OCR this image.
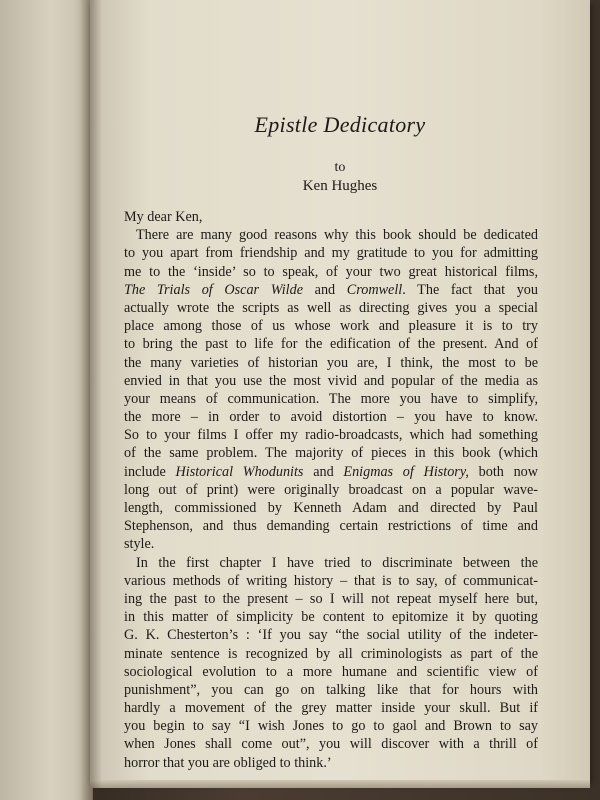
Epistle Dedicatory
to
Ken Hughes
My dear Ken,
There are many good reasons why this book should be dedicated
to you apart from friendship and my gratitude to you for admitting
me to the ‘inside’ so to speak, of your two great historical films,
The Trials of Oscar Wilde and Cromwell. The fact that you
actually wrote the scripts as well as directing gives you a special
place among those of us whose work and pleasure it is to try
to bring the past to life for the edification of the present. And of
the many varieties of historian you are, I think, the most to be
envied in that you use the most vivid and popular of the media as
your means of communication. The more you have to simplify,
the more – in order to avoid distortion – you have to know.
So to your films I offer my radio-broadcasts, which had something
of the same problem. The majority of pieces in this book (which
include Historical Whodunits and Enigmas of History, both now
long out of print) were originally broadcast on a popular wave-
length, commissioned by Kenneth Adam and directed by Paul
Stephenson, and thus demanding certain restrictions of time and
style.
In the first chapter I have tried to discriminate between the
various methods of writing history – that is to say, of communicat-
ing the past to the present – so I will not repeat myself here but,
in this matter of simplicity be content to epitomize it by quoting
G. K. Chesterton’s : ‘If you say “the social utility of the indeter-
minate sentence is recognized by all criminologists as part of the
sociological evolution to a more humane and scientific view of
punishment”, you can go on talking like that for hours with
hardly a movement of the grey matter inside your skull. But if
you begin to say “I wish Jones to go to gaol and Brown to say
when Jones shall come out”, you will discover with a thrill of
horror that you are obliged to think.’
